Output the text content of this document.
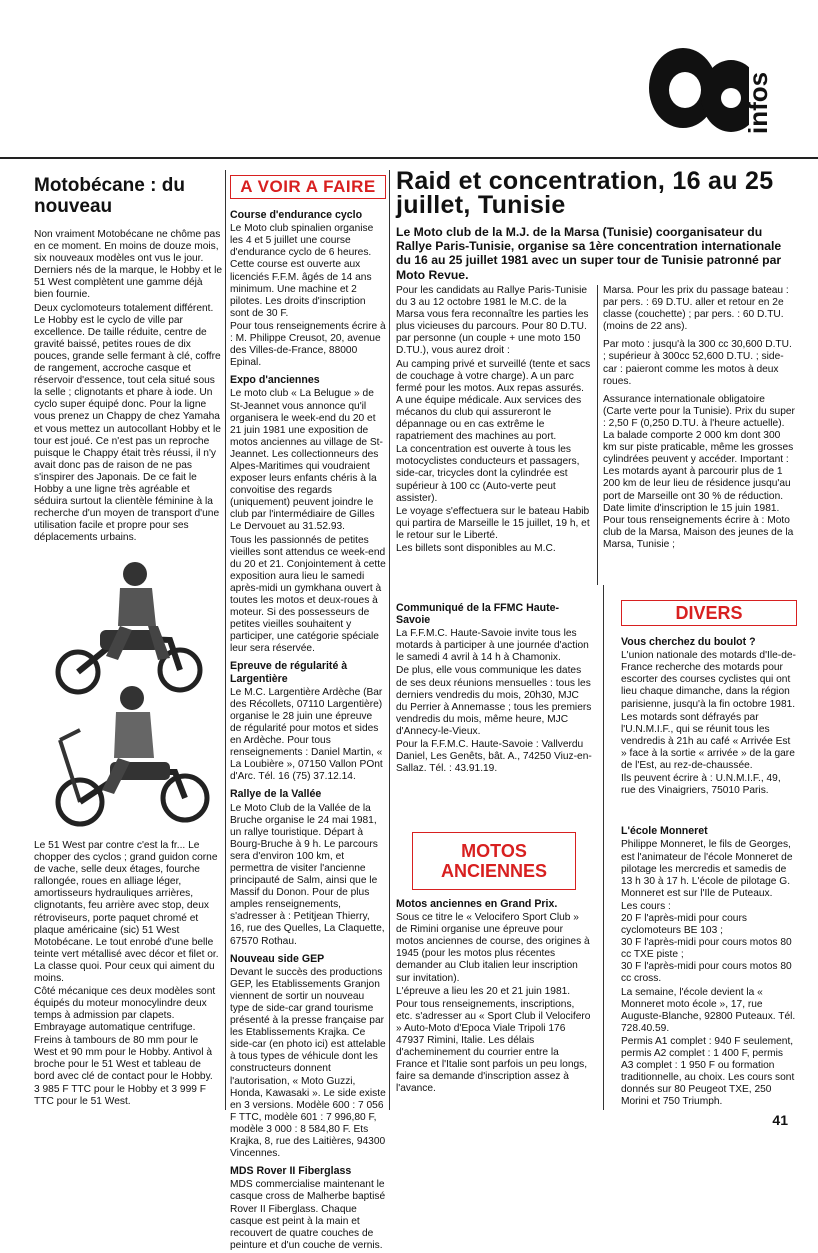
infos
Motobécane : du nouveau

Non vraiment Motobécane ne chôme pas en ce moment. En moins de douze mois, six nouveaux modèles ont vus le jour. Derniers nés de la marque, le Hobby et le 51 West complètent une gamme déjà bien fournie.

Deux cyclomoteurs totalement différent. Le Hobby est le cyclo de ville par excellence. De taille réduite, centre de gravité baissé, petites roues de dix pouces, grande selle fermant à clé, coffre de rangement, accroche casque et réservoir d'essence, tout cela situé sous la selle ; clignotants et phare à iode. Un cyclo super équipé donc. Pour la ligne vous prenez un Chappy de chez Yamaha et vous mettez un autocollant Hobby et le tour est joué. Ce n'est pas un reproche puisque le Chappy était très réussi, il n'y avait donc pas de raison de ne pas s'inspirer des Japonais. De ce fait le Hobby a une ligne très agréable et séduira surtout la clientèle féminine à la recherche d'un moyen de transport d'une utilisation facile et propre pour ses déplacements urbains.

Le 51 West par contre c'est la fr... Le chopper des cyclos ; grand guidon corne de vache, selle deux étages, fourche rallongée, roues en alliage léger, amortisseurs hydrauliques arrières, clignotants, feu arrière avec stop, deux rétroviseurs, porte paquet chromé et plaque américaine (sic) 51 West Motobécane. Le tout enrobé d'une belle teinte vert métallisé avec décor et filet or. La classe quoi. Pour ceux qui aiment du moins.

Côté mécanique ces deux modèles sont équipés du moteur monocylindre deux temps à admission par clapets. Embrayage automatique centrifuge. Freins à tambours de 80 mm pour le West et 90 mm pour le Hobby. Antivol à broche pour le 51 West et tableau de bord avec clé de contact pour le Hobby.

3 985 F TTC pour le Hobby et 3 999 F TTC pour le 51 West.

A VOIR A FAIRE
Course d'endurance cyclo

Le Moto club spinalien organise les 4 et 5 juillet une course d'endurance cyclo de 6 heures. Cette course est ouverte aux licenciés F.F.M. âgés de 14 ans minimum. Une machine et 2 pilotes. Les droits d'inscription sont de 30 F.

Pour tous renseignements écrire à : M. Philippe Creusot, 20, avenue des Villes-de-France, 88000 Epinal.

Expo d'anciennes

Le moto club « La Belugue » de St-Jeannet vous annonce qu'il organisera le week-end du 20 et 21 juin 1981 une exposition de motos anciennes au village de St-Jeannet. Les collectionneurs des Alpes-Maritimes qui voudraient exposer leurs enfants chéris à la convoitise des regards (uniquement) peuvent joindre le club par l'intermédiaire de Gilles Le Dervouet au 31.52.93.

Tous les passionnés de petites vieilles sont attendus ce week-end du 20 et 21. Conjointement à cette exposition aura lieu le samedi après-midi un gymkhana ouvert à toutes les motos et deux-roues à moteur. Si des possesseurs de petites vieilles souhaitent y participer, une catégorie spéciale leur sera réservée.

Epreuve de régularité à Largentière

Le M.C. Largentière Ardèche (Bar des Récollets, 07110 Largentière) organise le 28 juin une épreuve de régularité pour motos et sides en Ardèche. Pour tous renseignements : Daniel Martin, « La Loubière », 07150 Vallon POnt d'Arc. Tél. 16 (75) 37.12.14.

Rallye de la Vallée

Le Moto Club de la Vallée de la Bruche organise le 24 mai 1981, un rallye touristique. Départ à Bourg-Bruche à 9 h. Le parcours sera d'environ 100 km, et permettra de visiter l'ancienne principauté de Salm, ainsi que le Massif du Donon. Pour de plus amples renseignements, s'adresser à : Petitjean Thierry, 16, rue des Quelles, La Claquette, 67570 Rothau.

Nouveau side GEP

Devant le succès des productions GEP, les Etablissements Granjon viennent de sortir un nouveau type de side-car grand tourisme présenté à la presse française par les Etablissements Krajka. Ce side-car (en photo ici) est attelable à tous types de véhicule dont les constructeurs donnent l'autorisation, « Moto Guzzi, Honda, Kawasaki ». Le side existe en 3 versions. Modèle 600 : 7 056 F TTC, modèle 601 : 7 996,80 F, modèle 3 000 : 8 584,80 F. Ets Krajka, 8, rue des Laitières, 94300 Vincennes.

MDS Rover II Fiberglass

MDS commercialise maintenant le casque cross de Malherbe baptisé Rover II Fiberglass. Chaque casque est peint à la main et recouvert de quatre couches de peinture et d'un couche de vernis.

Raid et concentration, 16 au 25 juillet, Tunisie
Le Moto club de la M.J. de la Marsa (Tunisie) coorganisateur du Rallye Paris-Tunisie, organise sa 1ère concentration internationale du 16 au 25 juillet 1981 avec un super tour de Tunisie patronné par Moto Revue.

Pour les candidats au Rallye Paris-Tunisie du 3 au 12 octobre 1981 le M.C. de la Marsa vous fera reconnaître les parties les plus vicieuses du parcours. Pour 80 D.TU. par personne (un couple + une moto 150 D.TU.), vous aurez droit :

Au camping privé et surveillé (tente et sacs de couchage à votre charge). A un parc fermé pour les motos. Aux repas assurés. A une équipe médicale. Aux services des mécanos du club qui assureront le dépannage ou en cas extrême le rapatriement des machines au port.

La concentration est ouverte à tous les motocyclistes conducteurs et passagers, side-car, tricycles dont la cylindrée est supérieur à 100 cc (Auto-verte peut assister).

Le voyage s'effectuera sur le bateau Habib qui partira de Marseille le 15 juillet, 19 h, et le retour sur le Liberté.

Les billets sont disponibles au M.C.

Marsa. Pour les prix du passage bateau : par pers. : 69 D.TU. aller et retour en 2e classe (couchette) ; par pers. : 60 D.TU. (moins de 22 ans).

Par moto : jusqu'à la 300 cc 30,600 D.TU. ; supérieur à 300cc 52,600 D.TU. ; side-car : paieront comme les motos à deux roues.

Assurance internationale obligatoire (Carte verte pour la Tunisie). Prix du super : 2,50 F (0,250 D.TU. à l'heure actuelle). La balade comporte 2 000 km dont 300 km sur piste praticable, même les grosses cylindrées peuvent y accéder. Important : Les motards ayant à parcourir plus de 1 200 km de leur lieu de résidence jusqu'au port de Marseille ont 30 % de réduction. Date limite d'inscription le 15 juin 1981. Pour tous renseignements écrire à : Moto club de la Marsa, Maison des jeunes de la Marsa, Tunisie ;

Communiqué de la FFMC Haute-Savoie

La F.F.M.C. Haute-Savoie invite tous les motards à participer à une journée d'action le samedi 4 avril à 14 h à Chamonix.

De plus, elle vous communique les dates de ses deux réunions mensuelles : tous les derniers vendredis du mois, 20h30, MJC du Perrier à Annemasse ; tous les premiers vendredis du mois, même heure, MJC d'Annecy-le-Vieux.

Pour la F.F.M.C. Haute-Savoie : Vallverdu Daniel, Les Genêts, bât. A., 74250 Viuz-en-Sallaz. Tél. : 43.91.19.

MOTOS ANCIENNES
Motos anciennes en Grand Prix.

Sous ce titre le « Velocifero Sport Club » de Rimini organise une épreuve pour motos anciennes de course, des origines à 1945 (pour les motos plus récentes demander au Club italien leur inscription sur invitation).

L'épreuve a lieu les 20 et 21 juin 1981.

Pour tous renseignements, inscriptions, etc. s'adresser au « Sport Club il Velocifero » Auto-Moto d'Epoca Viale Tripoli 176 47937 Rimini, Italie. Les délais d'acheminement du courrier entre la France et l'Italie sont parfois un peu longs, faire sa demande d'inscription assez à l'avance.

DIVERS
Vous cherchez du boulot ?

L'union nationale des motards d'Ile-de-France recherche des motards pour escorter des courses cyclistes qui ont lieu chaque dimanche, dans la région parisienne, jusqu'à la fin octobre 1981.

Les motards sont défrayés par l'U.N.M.I.F., qui se réunit tous les vendredis à 21h au café « Arrivée Est » face à la sortie « arrivée » de la gare de l'Est, au rez-de-chaussée.

Ils peuvent écrire à : U.N.M.I.F., 49, rue des Vinaigriers, 75010 Paris.

L'école Monneret

Philippe Monneret, le fils de Georges, est l'animateur de l'école Monneret de pilotage les mercredis et samedis de 13 h 30 à 17 h. L'école de pilotage G. Monneret est sur l'Ile de Puteaux.

Les cours :

20 F l'après-midi pour cours cyclomoteurs BE 103 ;

30 F l'après-midi pour cours motos 80 cc TXE piste ;

30 F l'après-midi pour cours motos 80 cc cross.

La semaine, l'école devient la « Monneret moto école », 17, rue Auguste-Blanche, 92800 Puteaux. Tél. 728.40.59.

Permis A1 complet : 940 F seulement, permis A2 complet : 1 400 F, permis A3 complet : 1 950 F ou formation traditionnelle, au choix. Les cours sont donnés sur 80 Peugeot TXE, 250 Morini et 750 Triumph.

41
